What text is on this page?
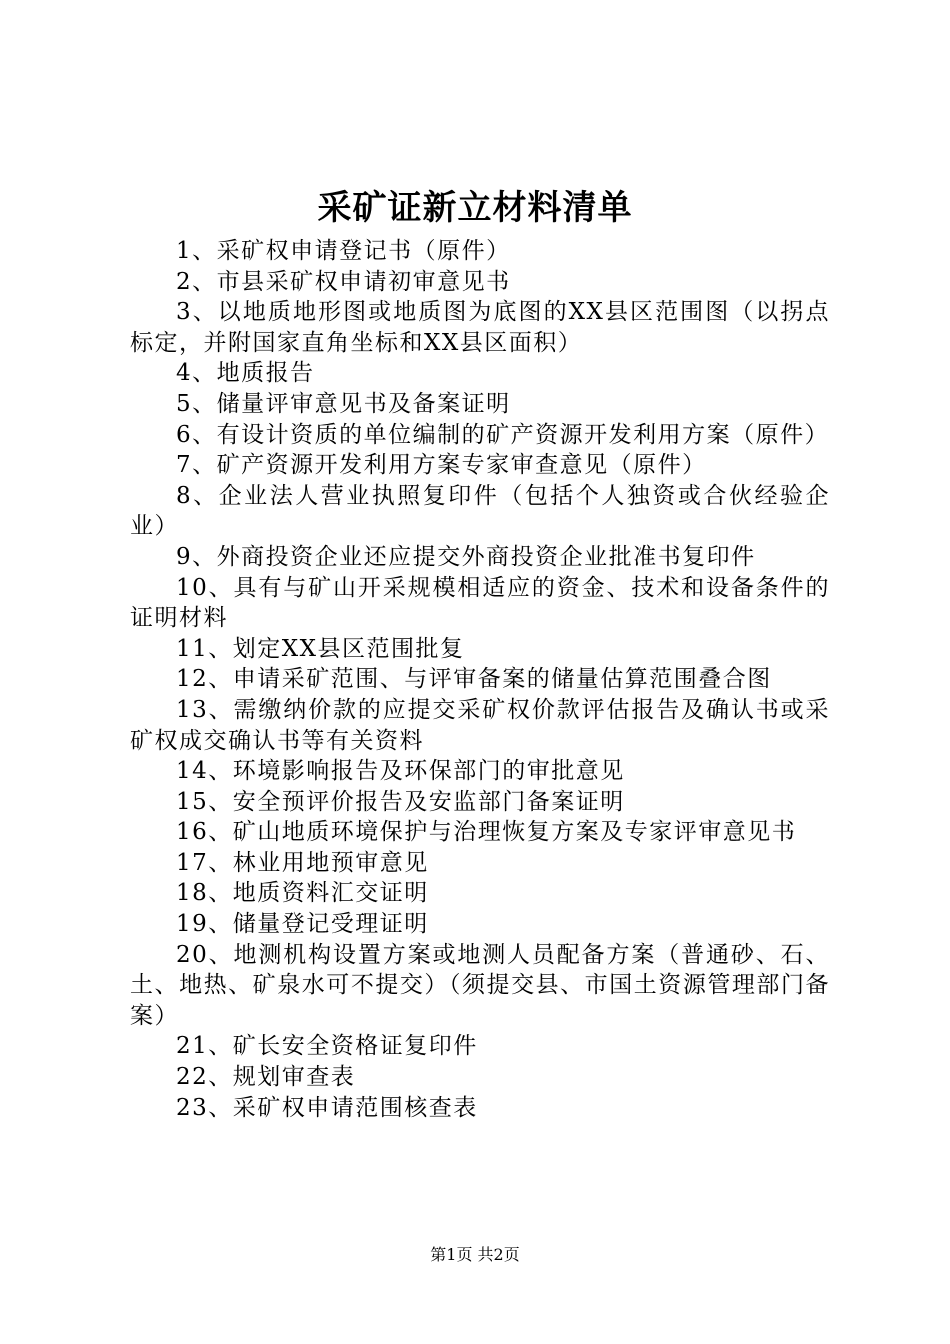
采矿证新立材料清单
1、采矿权申请登记书（原件）
2、市县采矿权申请初审意见书
3、以地质地形图或地质图为底图的XX县区范围图（以拐点标定，并附国家直角坐标和XX县区面积）
4、地质报告
5、储量评审意见书及备案证明
6、有设计资质的单位编制的矿产资源开发利用方案（原件）
7、矿产资源开发利用方案专家审查意见（原件）
8、企业法人营业执照复印件（包括个人独资或合伙经验企业）
9、外商投资企业还应提交外商投资企业批准书复印件
10、具有与矿山开采规模相适应的资金、技术和设备条件的证明材料
11、划定XX县区范围批复
12、申请采矿范围、与评审备案的储量估算范围叠合图
13、需缴纳价款的应提交采矿权价款评估报告及确认书或采矿权成交确认书等有关资料
14、环境影响报告及环保部门的审批意见
15、安全预评价报告及安监部门备案证明
16、矿山地质环境保护与治理恢复方案及专家评审意见书
17、林业用地预审意见
18、地质资料汇交证明
19、储量登记受理证明
20、地测机构设置方案或地测人员配备方案（普通砂、石、土、地热、矿泉水可不提交）（须提交县、市国土资源管理部门备案）
21、矿长安全资格证复印件
22、规划审查表
23、采矿权申请范围核查表
第1页 共2页
